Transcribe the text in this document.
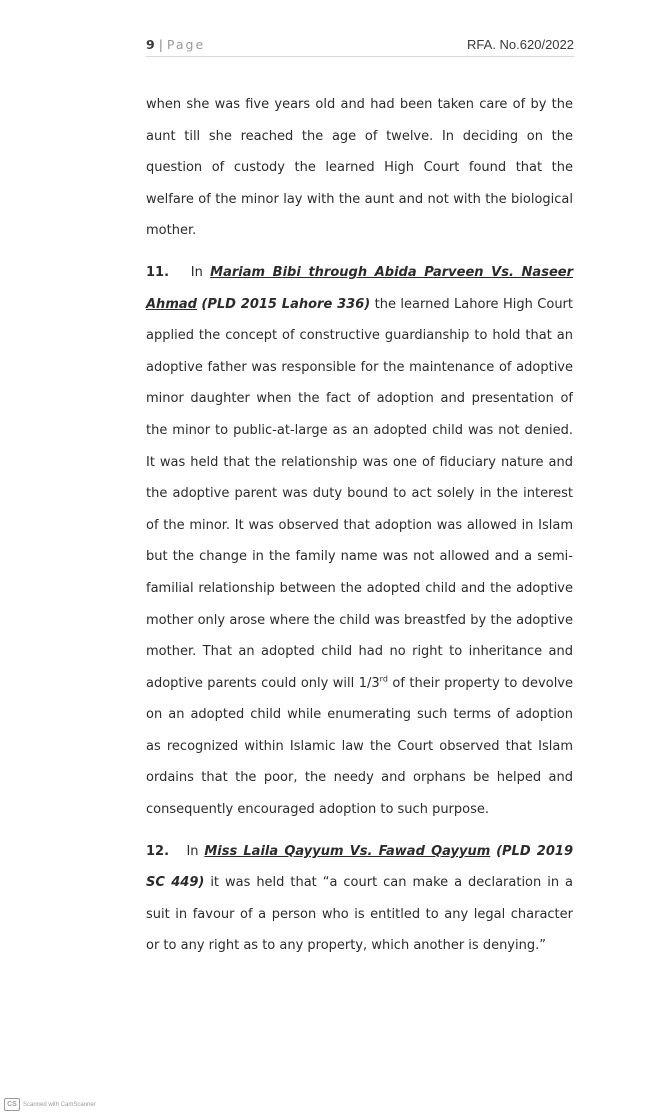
9 | Page	RFA. No.620/2022

when she was five years old and had been taken care of by the aunt till she reached the age of twelve. In deciding on the question of custody the learned High Court found that the welfare of the minor lay with the aunt and not with the biological mother.

11. In Mariam Bibi through Abida Parveen Vs. Naseer Ahmad (PLD 2015 Lahore 336) the learned Lahore High Court applied the concept of constructive guardianship to hold that an adoptive father was responsible for the maintenance of adoptive minor daughter when the fact of adoption and presentation of the minor to public-at-large as an adopted child was not denied. It was held that the relationship was one of fiduciary nature and the adoptive parent was duty bound to act solely in the interest of the minor. It was observed that adoption was allowed in Islam but the change in the family name was not allowed and a semi-familial relationship between the adopted child and the adoptive mother only arose where the child was breastfed by the adoptive mother. That an adopted child had no right to inheritance and adoptive parents could only will 1/3rd of their property to devolve on an adopted child while enumerating such terms of adoption as recognized within Islamic law the Court observed that Islam ordains that the poor, the needy and orphans be helped and consequently encouraged adoption to such purpose.

12. In Miss Laila Qayyum Vs. Fawad Qayyum (PLD 2019 SC 449) it was held that “a court can make a declaration in a suit in favour of a person who is entitled to any legal character or to any right as to any property, which another is denying.”

CS	Scanned with CamScanner
